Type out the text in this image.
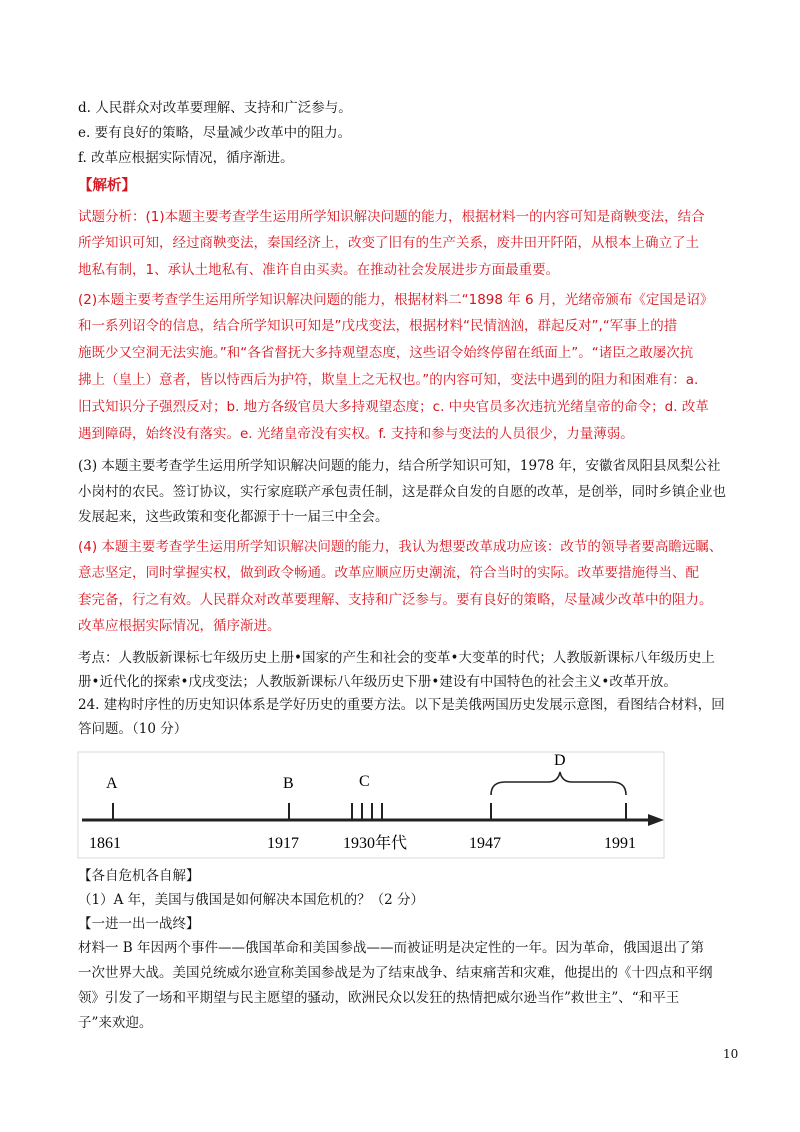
d. 人民群众对改革要理解、支持和广泛参与。
e. 要有良好的策略，尽量减少改革中的阻力。
f. 改革应根据实际情况，循序渐进。
【解析】
试题分析：(1)本题主要考查学生运用所学知识解决问题的能力，根据材料一的内容可知是商鞅变法，结合
所学知识可知，经过商鞅变法，秦国经济上，改变了旧有的生产关系，废井田开阡陌，从根本上确立了土
地私有制，1、承认土地私有、准许自由买卖。在推动社会发展进步方面最重要。
(2)本题主要考查学生运用所学知识解决问题的能力，根据材料二“1898 年 6 月，光绪帝颁布《定国是诏》
和一系列诏令的信息，结合所学知识可知是”戊戌变法，根据材料“民情汹汹，群起反对”,“军事上的措
施既少又空洞无法实施。”和“各省督抚大多持观望态度，这些诏令始终停留在纸面上”。“诸臣之敢屡次抗
拂上（皇上）意者，皆以恃西后为护符，欺皇上之无权也。”的内容可知，变法中遇到的阻力和困难有：a.
旧式知识分子强烈反对；b. 地方各级官员大多持观望态度；c. 中央官员多次违抗光绪皇帝的命令；d. 改革
遇到障碍，始终没有落实。e. 光绪皇帝没有实权。f. 支持和参与变法的人员很少，力量薄弱。
(3) 本题主要考查学生运用所学知识解决问题的能力，结合所学知识可知，1978 年，安徽省凤阳县凤梨公社
小岗村的农民。签订协议，实行家庭联产承包责任制，这是群众自发的自愿的改革，是创举，同时乡镇企业也
发展起来，这些政策和变化都源于十一届三中全会。
(4) 本题主要考查学生运用所学知识解决问题的能力，我认为想要改革成功应该：改节的领导者要高瞻远瞩、
意志坚定，同时掌握实权，做到政令畅通。改革应顺应历史潮流，符合当时的实际。改革要措施得当、配
套完备，行之有效。人民群众对改革要理解、支持和广泛参与。要有良好的策略，尽量减少改革中的阻力。
改革应根据实际情况，循序渐进。
考点：人教版新课标七年级历史上册•国家的产生和社会的变革•大变革的时代；人教版新课标八年级历史上
册•近代化的探索•戊戌变法；人教版新课标八年级历史下册•建设有中国特色的社会主义•改革开放。
24. 建构时序性的历史知识体系是学好历史的重要方法。以下是美俄两国历史发展示意图，看图结合材料，回
答问题。（10 分）
A	B	C
D
1861	1917	1930年代	1947	1991
【各自危机各自解】
（1）A 年，美国与俄国是如何解决本国危机的？（2 分）
【一进一出一战终】
材料一 B 年因两个事件——俄国革命和美国参战——而被证明是决定性的一年。因为革命，俄国退出了第
一次世界大战。美国兑统威尔逊宣称美国参战是为了结束战争、结束痛苦和灾难，他提出的《十四点和平纲
领》引发了一场和平期望与民主愿望的骚动，欧洲民众以发狂的热情把威尔逊当作”救世主”、“和平王
子”来欢迎。
10
